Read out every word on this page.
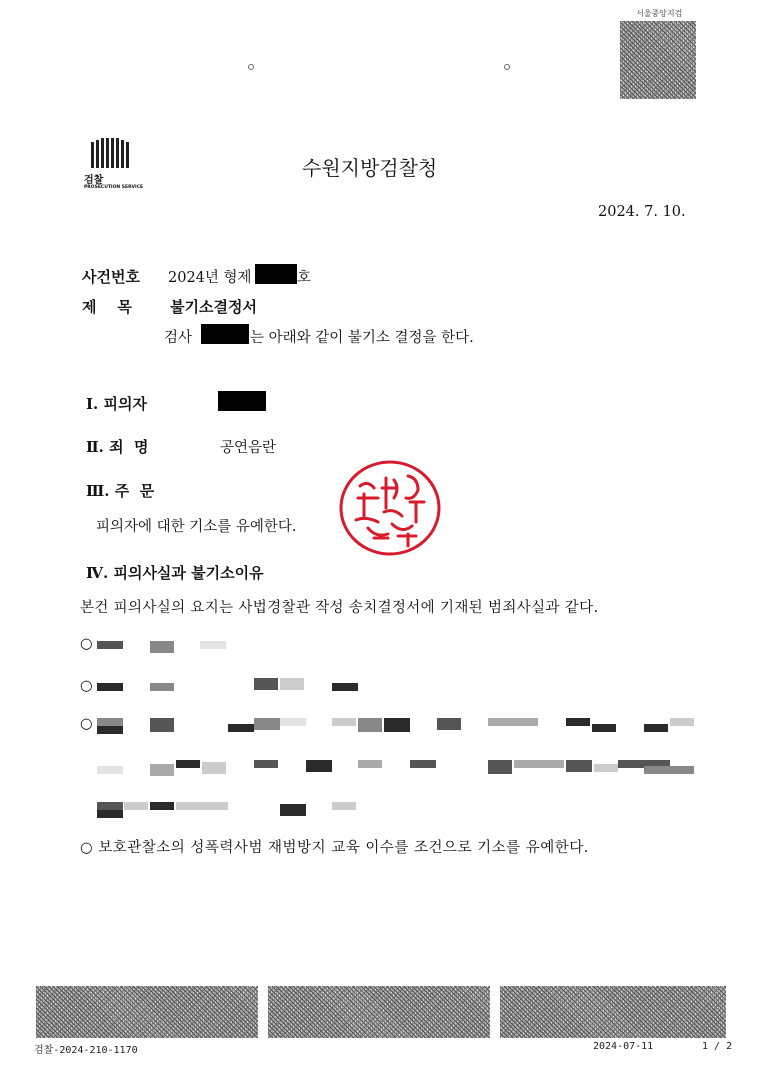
서울중앙지검
검찰
PROSECUTION SERVICE
수원지방검찰청
2024. 7. 10.
사건번호 2024년 형제	호
제    목	불기소결정서
검사	는 아래와 같이 불기소 결정을 한다.
Ⅰ. 피의자
Ⅱ. 죄  명	공연음란
Ⅲ. 주  문
피의자에 대한 기소를 유예한다.
Ⅳ. 피의사실과 불기소이유
본건 피의사실의 요지는 사법경찰관 작성 송치결정서에 기재된 범죄사실과 같다.
○
○
○
○ 보호관찰소의 성폭력사범 재범방지 교육 이수를 조건으로 기소를 유예한다.
검찰-2024-210-1170	2024-07-11	1 / 2
